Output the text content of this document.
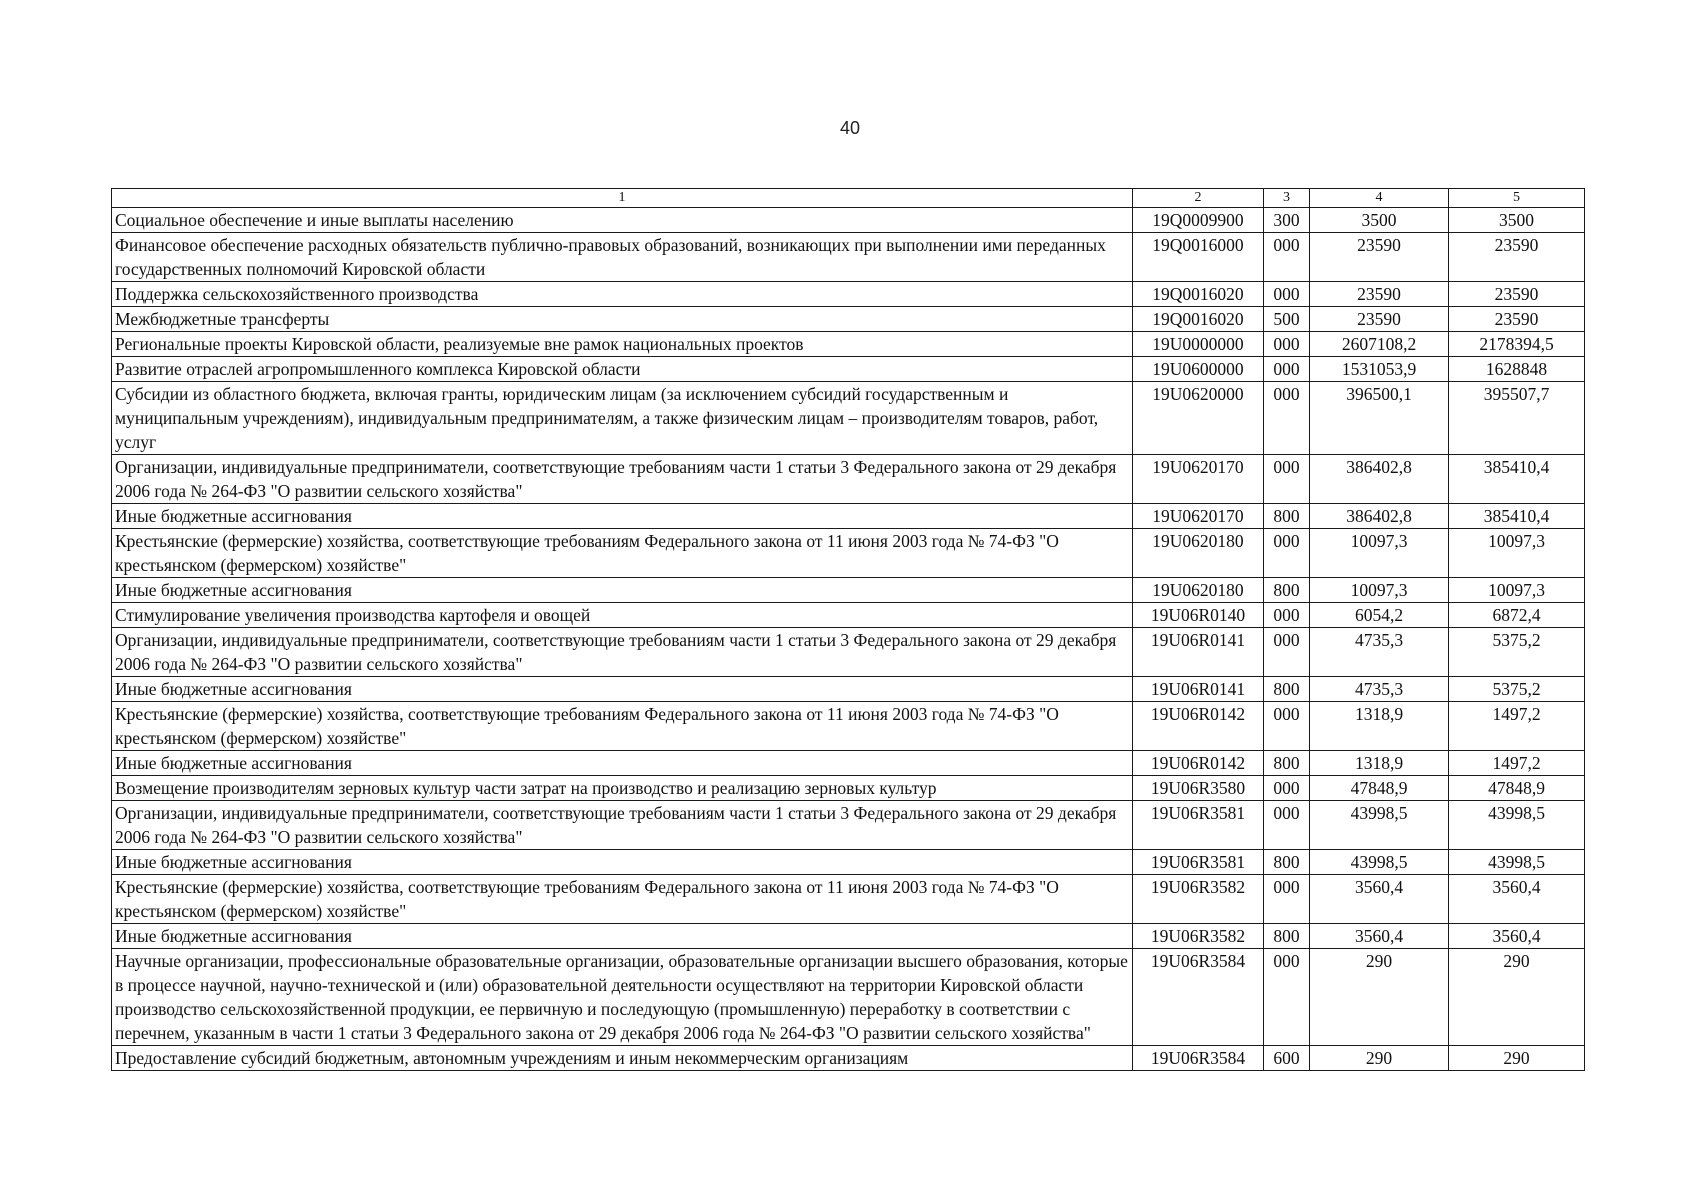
40
1	2	3	4	5
Социальное обеспечение и иные выплаты населению	19Q0009900	300	3500	3500
Финансовое обеспечение расходных обязательств публично-правовых образований, возникающих при выполнении ими переданных государственных полномочий Кировской области	19Q0016000	000	23590	23590
Поддержка сельскохозяйственного производства	19Q0016020	000	23590	23590
Межбюджетные трансферты	19Q0016020	500	23590	23590
Региональные проекты Кировской области, реализуемые вне рамок национальных проектов	19U0000000	000	2607108,2	2178394,5
Развитие отраслей агропромышленного комплекса Кировской области	19U0600000	000	1531053,9	1628848
Субсидии из областного бюджета, включая гранты, юридическим лицам (за исключением субсидий государственным и муниципальным учреждениям), индивидуальным предпринимателям, а также физическим лицам – производителям товаров, работ, услуг	19U0620000	000	396500,1	395507,7
Организации, индивидуальные предприниматели, соответствующие требованиям части 1 статьи 3 Федерального закона от 29 декабря 2006 года № 264-ФЗ "О развитии сельского хозяйства"	19U0620170	000	386402,8	385410,4
Иные бюджетные ассигнования	19U0620170	800	386402,8	385410,4
Крестьянские (фермерские) хозяйства, соответствующие требованиям Федерального закона от 11 июня 2003 года № 74-ФЗ "О крестьянском (фермерском) хозяйстве"	19U0620180	000	10097,3	10097,3
Иные бюджетные ассигнования	19U0620180	800	10097,3	10097,3
Стимулирование увеличения производства картофеля и овощей	19U06R0140	000	6054,2	6872,4
Организации, индивидуальные предприниматели, соответствующие требованиям части 1 статьи 3 Федерального закона от 29 декабря 2006 года № 264-ФЗ "О развитии сельского хозяйства"	19U06R0141	000	4735,3	5375,2
Иные бюджетные ассигнования	19U06R0141	800	4735,3	5375,2
Крестьянские (фермерские) хозяйства, соответствующие требованиям Федерального закона от 11 июня 2003 года № 74-ФЗ "О крестьянском (фермерском) хозяйстве"	19U06R0142	000	1318,9	1497,2
Иные бюджетные ассигнования	19U06R0142	800	1318,9	1497,2
Возмещение производителям зерновых культур части затрат на производство и реализацию зерновых культур	19U06R3580	000	47848,9	47848,9
Организации, индивидуальные предприниматели, соответствующие требованиям части 1 статьи 3 Федерального закона от 29 декабря 2006 года № 264-ФЗ "О развитии сельского хозяйства"	19U06R3581	000	43998,5	43998,5
Иные бюджетные ассигнования	19U06R3581	800	43998,5	43998,5
Крестьянские (фермерские) хозяйства, соответствующие требованиям Федерального закона от 11 июня 2003 года № 74-ФЗ "О крестьянском (фермерском) хозяйстве"	19U06R3582	000	3560,4	3560,4
Иные бюджетные ассигнования	19U06R3582	800	3560,4	3560,4
Научные организации, профессиональные образовательные организации, образовательные организации высшего образования, которые в процессе научной, научно-технической и (или) образовательной деятельности осуществляют на территории Кировской области производство сельскохозяйственной продукции, ее первичную и последующую (промышленную) переработку в соответствии с перечнем, указанным в части 1 статьи 3 Федерального закона от 29 декабря 2006 года № 264-ФЗ "О развитии сельского хозяйства"	19U06R3584	000	290	290
Предоставление субсидий бюджетным, автономным учреждениям и иным некоммерческим организациям	19U06R3584	600	290	290
